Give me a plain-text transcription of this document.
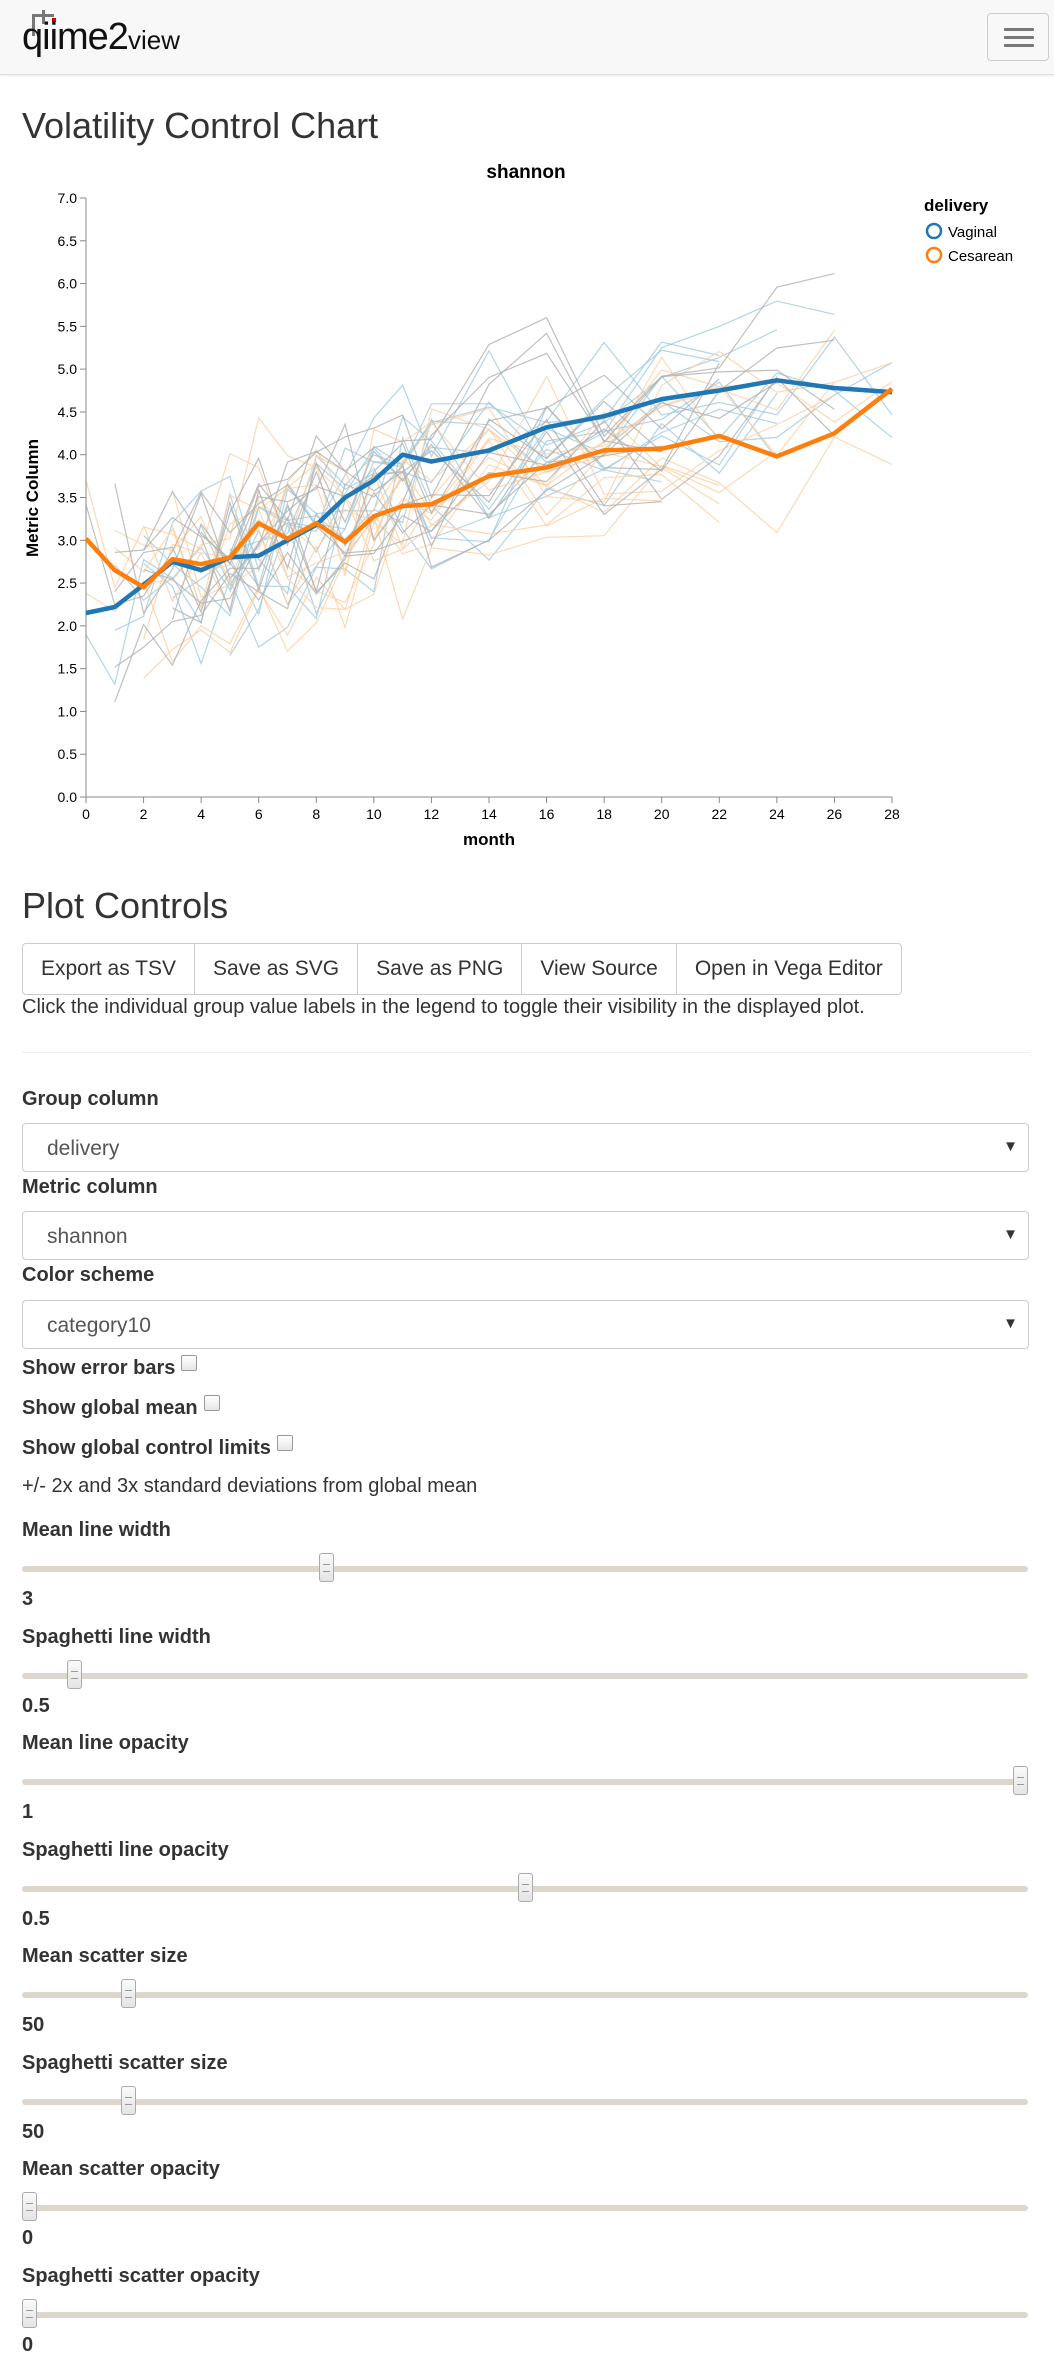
qiime2view
Volatility Control Chart
0	2	4	6	8	10	12	14	16	18	20	22	24	26	28
0.0
0.5
1.0
1.5
2.0
2.5
3.0
3.5
4.0
4.5
5.0
5.5
6.0
6.5
7.0
shannon
month
Metric Column
delivery
Vaginal
Cesarean
Plot Controls
Export as TSV	Save as SVG	Save as PNG	View Source	Open in Vega Editor
Click the individual group value labels in the legend to toggle their visibility in the displayed plot.
Group column
delivery	▼
Metric column
shannon	▼
Color scheme
category10	▼
Show error bars
Show global mean
Show global control limits
+/- 2x and 3x standard deviations from global mean
Mean line width
3
Spaghetti line width
0.5
Mean line opacity
1
Spaghetti line opacity
0.5
Mean scatter size
50
Spaghetti scatter size
50
Mean scatter opacity
0
Spaghetti scatter opacity
0
